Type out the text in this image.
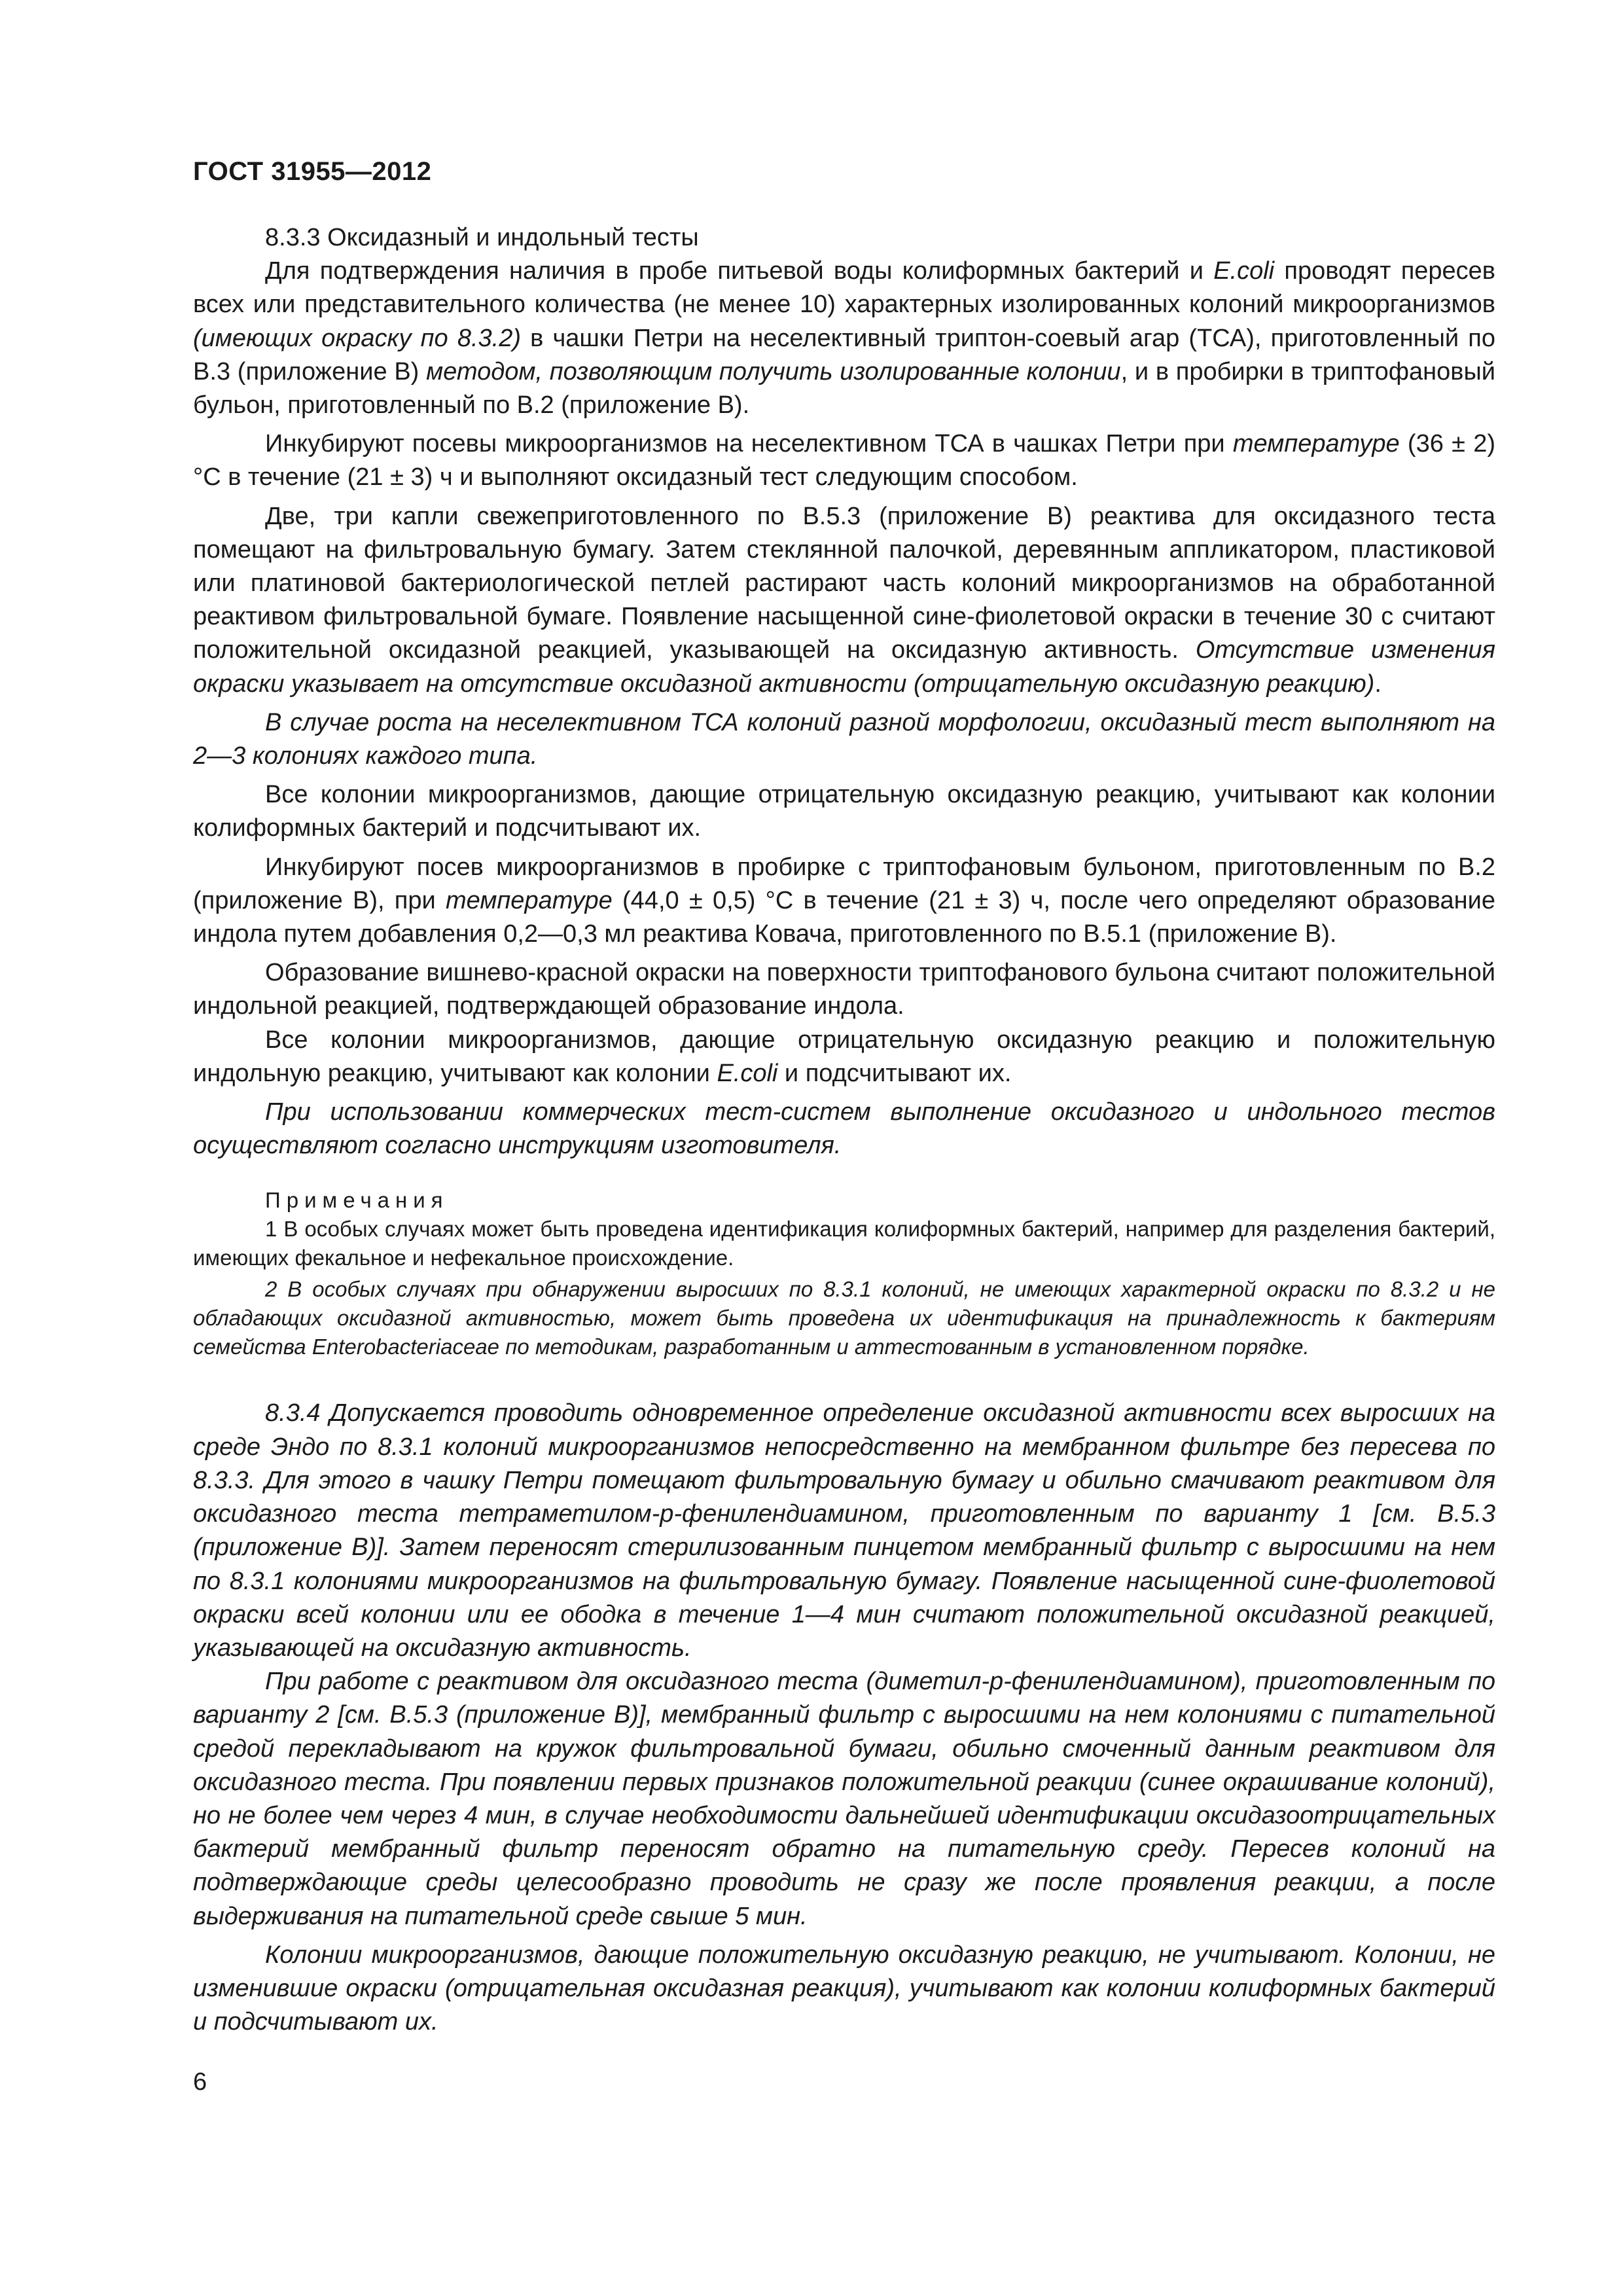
ГОСТ 31955—2012

8.3.3 Оксидазный и индольный тесты

Для подтверждения наличия в пробе питьевой воды колиформных бактерий и E.coli проводят пересев всех или представительного количества (не менее 10) характерных изолированных колоний микроорганизмов (имеющих окраску по 8.3.2) в чашки Петри на неселективный триптон-соевый агар (ТСА), приготовленный по В.3 (приложение В) методом, позволяющим получить изолированные колонии, и в пробирки в триптофановый бульон, приготовленный по В.2 (приложение В).

Инкубируют посевы микроорганизмов на неселективном ТСА в чашках Петри при температуре (36 ± 2) °С в течение (21 ± 3) ч и выполняют оксидазный тест следующим способом.

Две, три капли свежеприготовленного по В.5.3 (приложение В) реактива для оксидазного теста помещают на фильтровальную бумагу. Затем стеклянной палочкой, деревянным аппликатором, пластиковой или платиновой бактериологической петлей растирают часть колоний микроорганизмов на обработанной реактивом фильтровальной бумаге. Появление насыщенной сине-фиолетовой окраски в течение 30 с считают положительной оксидазной реакцией, указывающей на оксидазную активность. Отсутствие изменения окраски указывает на отсутствие оксидазной активности (отрицательную оксидазную реакцию).

В случае роста на неселективном ТСА колоний разной морфологии, оксидазный тест выполняют на 2—3 колониях каждого типа.

Все колонии микроорганизмов, дающие отрицательную оксидазную реакцию, учитывают как колонии колиформных бактерий и подсчитывают их.

Инкубируют посев микроорганизмов в пробирке с триптофановым бульоном, приготовленным по В.2 (приложение В), при температуре (44,0 ± 0,5) °С в течение (21 ± 3) ч, после чего определяют образование индола путем добавления 0,2—0,3 мл реактива Ковача, приготовленного по В.5.1 (приложение В).

Образование вишнево-красной окраски на поверхности триптофанового бульона считают положительной индольной реакцией, подтверждающей образование индола.

Все колонии микроорганизмов, дающие отрицательную оксидазную реакцию и положительную индольную реакцию, учитывают как колонии E.coli и подсчитывают их.

При использовании коммерческих тест-систем выполнение оксидазного и индольного тестов осуществляют согласно инструкциям изготовителя.

Примечания

1 В особых случаях может быть проведена идентификация колиформных бактерий, например для разделения бактерий, имеющих фекальное и нефекальное происхождение.

2 В особых случаях при обнаружении выросших по 8.3.1 колоний, не имеющих характерной окраски по 8.3.2 и не обладающих оксидазной активностью, может быть проведена их идентификация на принадлежность к бактериям семейства Enterobacteriaceae по методикам, разработанным и аттестованным в установленном порядке.

8.3.4 Допускается проводить одновременное определение оксидазной активности всех выросших на среде Эндо по 8.3.1 колоний микроорганизмов непосредственно на мембранном фильтре без пересева по 8.3.3. Для этого в чашку Петри помещают фильтровальную бумагу и обильно смачивают реактивом для оксидазного теста тетраметилом-p-фенилендиамином, приготовленным по варианту 1 [см. В.5.3 (приложение В)]. Затем переносят стерилизованным пинцетом мембранный фильтр с выросшими на нем по 8.3.1 колониями микроорганизмов на фильтровальную бумагу. Появление насыщенной сине-фиолетовой окраски всей колонии или ее ободка в течение 1—4 мин считают положительной оксидазной реакцией, указывающей на оксидазную активность.

При работе с реактивом для оксидазного теста (диметил-p-фенилендиамином), приготовленным по варианту 2 [см. В.5.3 (приложение В)], мембранный фильтр с выросшими на нем колониями с питательной средой перекладывают на кружок фильтровальной бумаги, обильно смоченный данным реактивом для оксидазного теста. При появлении первых признаков положительной реакции (синее окрашивание колоний), но не более чем через 4 мин, в случае необходимости дальнейшей идентификации оксидазоотрицательных бактерий мембранный фильтр переносят обратно на питательную среду. Пересев колоний на подтверждающие среды целесообразно проводить не сразу же после проявления реакции, а после выдерживания на питательной среде свыше 5 мин.

Колонии микроорганизмов, дающие положительную оксидазную реакцию, не учитывают. Колонии, не изменившие окраски (отрицательная оксидазная реакция), учитывают как колонии колиформных бактерий и подсчитывают их.

6
